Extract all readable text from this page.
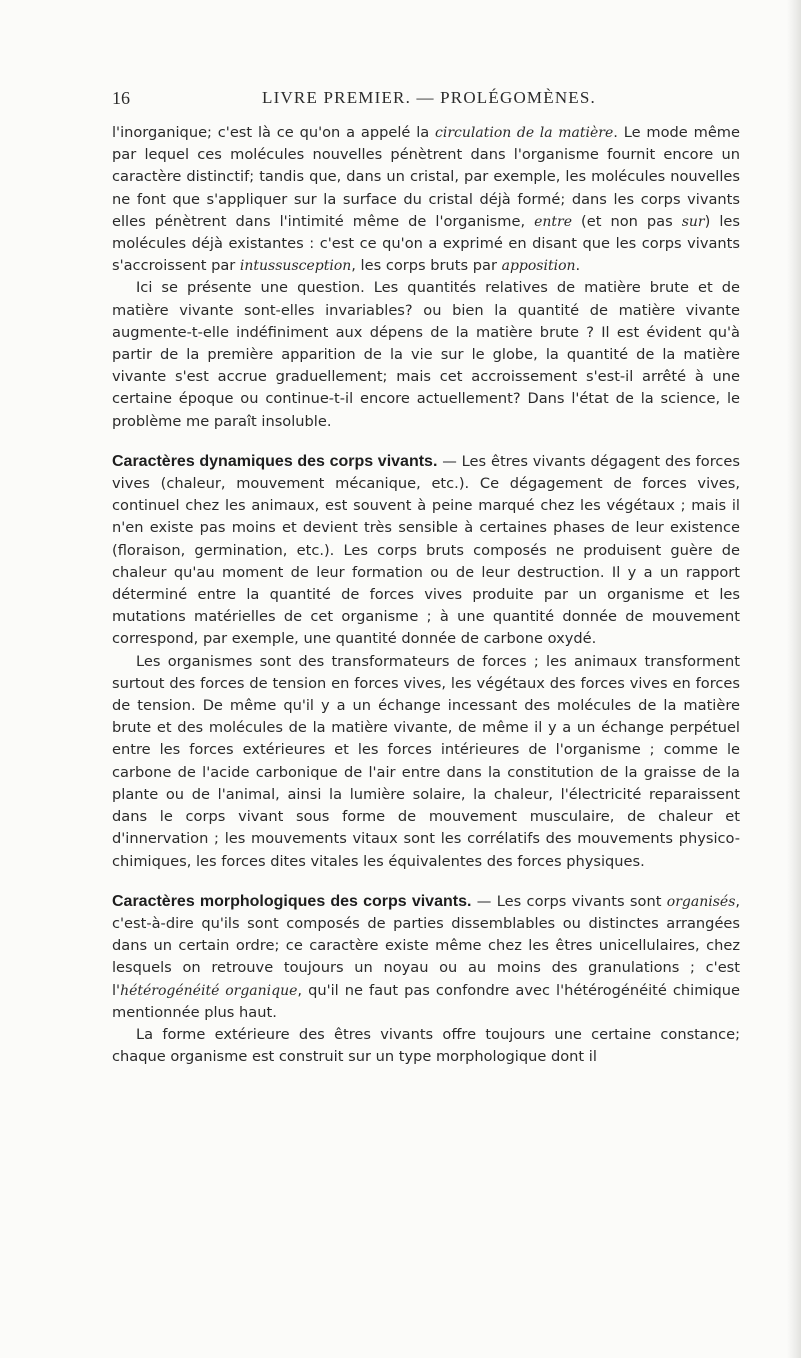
16	LIVRE PREMIER. — PROLÉGOMÈNES.

l'inorganique; c'est là ce qu'on a appelé la circulation de la matière. Le mode même par lequel ces molécules nouvelles pénètrent dans l'organisme fournit encore un caractère distinctif; tandis que, dans un cristal, par exemple, les molécules nouvelles ne font que s'appliquer sur la surface du cristal déjà formé; dans les corps vivants elles pénètrent dans l'intimité même de l'organisme, entre (et non pas sur) les molécules déjà existantes : c'est ce qu'on a exprimé en disant que les corps vivants s'accroissent par intussusception, les corps bruts par apposition.

Ici se présente une question. Les quantités relatives de matière brute et de matière vivante sont-elles invariables? ou bien la quantité de matière vivante augmente-t-elle indéfiniment aux dépens de la matière brute ? Il est évident qu'à partir de la première apparition de la vie sur le globe, la quantité de la matière vivante s'est accrue graduellement; mais cet accroissement s'est-il arrêté à une certaine époque ou continue-t-il encore actuellement? Dans l'état de la science, le problème me paraît insoluble.

Caractères dynamiques des corps vivants. — Les êtres vivants dégagent des forces vives (chaleur, mouvement mécanique, etc.). Ce dégagement de forces vives, continuel chez les animaux, est souvent à peine marqué chez les végétaux ; mais il n'en existe pas moins et devient très sensible à certaines phases de leur existence (floraison, germination, etc.). Les corps bruts composés ne produisent guère de chaleur qu'au moment de leur formation ou de leur destruction. Il y a un rapport déterminé entre la quantité de forces vives produite par un organisme et les mutations matérielles de cet organisme ; à une quantité donnée de mouvement correspond, par exemple, une quantité donnée de carbone oxydé.

Les organismes sont des transformateurs de forces ; les animaux transforment surtout des forces de tension en forces vives, les végétaux des forces vives en forces de tension. De même qu'il y a un échange incessant des molécules de la matière brute et des molécules de la matière vivante, de même il y a un échange perpétuel entre les forces extérieures et les forces intérieures de l'organisme ; comme le carbone de l'acide carbonique de l'air entre dans la constitution de la graisse de la plante ou de l'animal, ainsi la lumière solaire, la chaleur, l'électricité reparaissent dans le corps vivant sous forme de mouvement musculaire, de chaleur et d'innervation ; les mouvements vitaux sont les corrélatifs des mouvements physico-chimiques, les forces dites vitales les équivalentes des forces physiques.

Caractères morphologiques des corps vivants. — Les corps vivants sont organisés, c'est-à-dire qu'ils sont composés de parties dissemblables ou distinctes arrangées dans un certain ordre; ce caractère existe même chez les êtres unicellulaires, chez lesquels on retrouve toujours un noyau ou au moins des granulations ; c'est l'hétérogénéité organique, qu'il ne faut pas confondre avec l'hétérogénéité chimique mentionnée plus haut.

La forme extérieure des êtres vivants offre toujours une certaine constance; chaque organisme est construit sur un type morphologique dont il
